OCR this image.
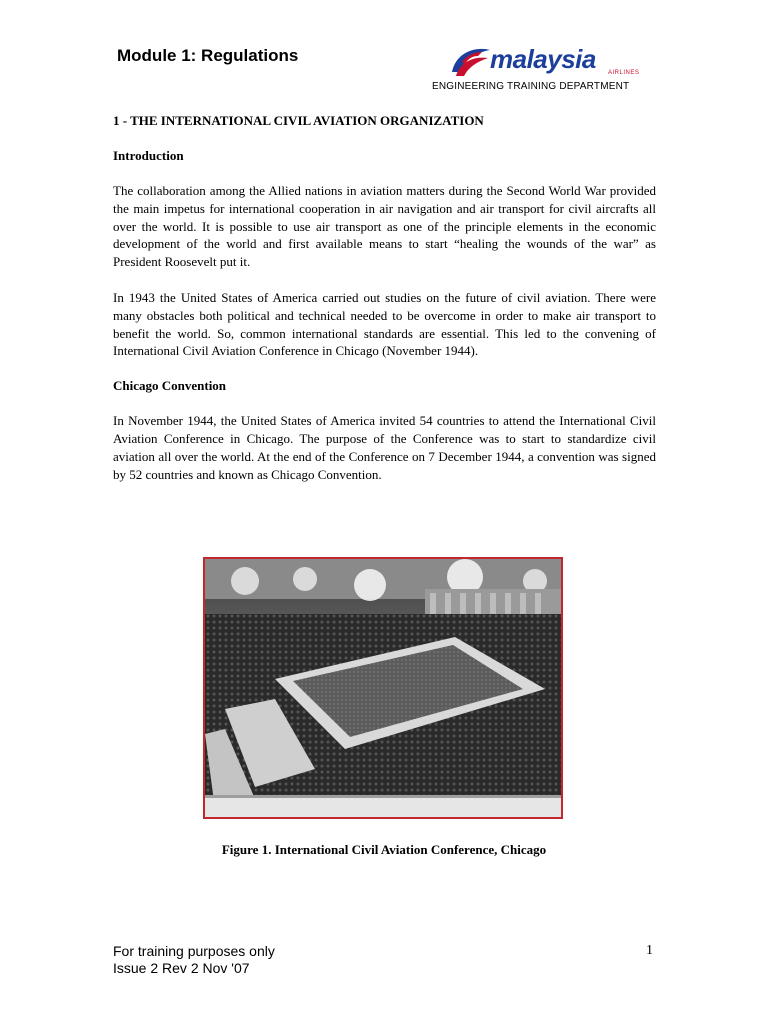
Module 1: Regulations	malaysia AIRLINES
ENGINEERING TRAINING DEPARTMENT
1 - THE INTERNATIONAL CIVIL AVIATION ORGANIZATION
Introduction

The collaboration among the Allied nations in aviation matters during the Second World War provided the main impetus for international cooperation in air navigation and air transport for civil aircrafts all over the world. It is possible to use air transport as one of the principle elements in the economic development of the world and first available means to start “healing the wounds of the war” as President Roosevelt put it.

In 1943 the United States of America carried out studies on the future of civil aviation. There were many obstacles both political and technical needed to be overcome in order to make air transport to benefit the world. So, common international standards are essential. This led to the convening of International Civil Aviation Conference in Chicago (November 1944).

Chicago Convention

In November 1944, the United States of America invited 54 countries to attend the International Civil Aviation Conference in Chicago. The purpose of the Conference was to start to standardize civil aviation all over the world. At the end of the Conference on 7 December 1944, a convention was signed by 52 countries and known as Chicago Convention.

Figure 1. International Civil Aviation Conference, Chicago
For training purposes only
Issue 2 Rev 2 Nov '07
1
